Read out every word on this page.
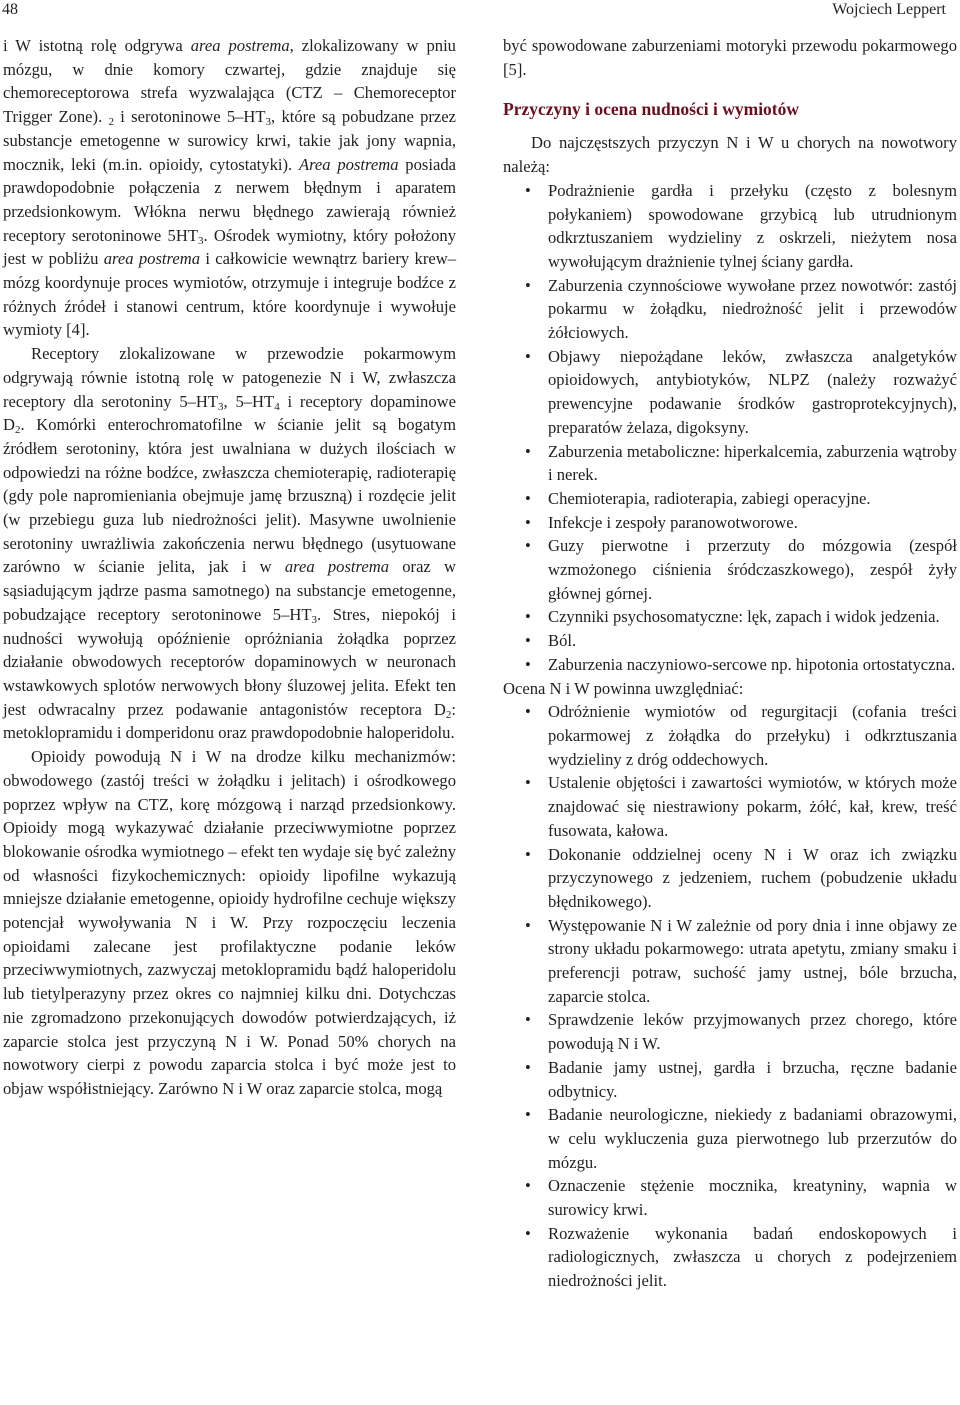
48	Wojciech Leppert

i W istotną rolę odgrywa area postrema, zlokalizowany w pniu mózgu, w dnie komory czwartej, gdzie znajduje się chemoreceptorowa strefa wyzwalająca (CTZ – Chemoreceptor Trigger Zone). $_2$ i serotoninowe $5-HT_3$, które są pobudzane przez substancje emetogenne w surowicy krwi, takie jak jony wapnia, mocznik, leki (m.in. opioidy, cytostatyki). Area postrema posiada prawdopodobnie połączenia z nerwem błędnym i aparatem przedsionkowym. Włókna nerwu błędnego zawierają również receptory serotoninowe $5HT_3$. Ośrodek wymiotny, który położony jest w pobliżu area postrema i całkowicie wewnątrz bariery krew–mózg koordynuje proces wymiotów, otrzymuje i integruje bodźce z różnych źródeł i stanowi centrum, które koordynuje i wywołuje wymioty [4].

Receptory zlokalizowane w przewodzie pokarmowym odgrywają równie istotną rolę w patogenezie N i W, zwłaszcza receptory dla serotoniny $5-HT_3$, $5-HT_4$ i receptory dopaminowe $D_2$. Komórki enterochromatofilne w ścianie jelit są bogatym źródłem serotoniny, która jest uwalniana w dużych ilościach w odpowiedzi na różne bodźce, zwłaszcza chemioterapię, radioterapię (gdy pole napromieniania obejmuje jamę brzuszną) i rozdęcie jelit (w przebiegu guza lub niedrożności jelit). Masywne uwolnienie serotoniny uwrażliwia zakończenia nerwu błędnego (usytuowane zarówno w ścianie jelita, jak i w area postrema oraz w sąsiadującym jądrze pasma samotnego) na substancje emetogenne, pobudzające receptory serotoninowe $5-HT_3$. Stres, niepokój i nudności wywołują opóźnienie opróżniania żołądka poprzez działanie obwodowych receptorów dopaminowych w neuronach wstawkowych splotów nerwowych błony śluzowej jelita. Efekt ten jest odwracalny przez podawanie antagonistów receptora $D_2$: metoklopramidu i domperidonu oraz prawdopodobnie haloperidolu.

Opioidy powodują N i W na drodze kilku mechanizmów: obwodowego (zastój treści w żołądku i jelitach) i ośrodkowego poprzez wpływ na CTZ, korę mózgową i narząd przedsionkowy. Opioidy mogą wykazywać działanie przeciwwymiotne poprzez blokowanie ośrodka wymiotnego – efekt ten wydaje się być zależny od własności fizykochemicznych: opioidy lipofilne wykazują mniejsze działanie emetogenne, opioidy hydrofilne cechuje większy potencjał wywoływania N i W. Przy rozpoczęciu leczenia opioidami zalecane jest profilaktyczne podanie leków przeciwwymiotnych, zazwyczaj metoklopramidu bądź haloperidolu lub tietylperazyny przez okres co najmniej kilku dni. Dotychczas nie zgromadzono przekonujących dowodów potwierdzających, iż zaparcie stolca jest przyczyną N i W. Ponad 50% chorych na nowotwory cierpi z powodu zaparcia stolca i być może jest to objaw współistniejący. Zarówno N i W oraz zaparcie stolca, mogą

być spowodowane zaburzeniami motoryki przewodu pokarmowego [5].

Przyczyny i ocena nudności i wymiotów

Do najczęstszych przyczyn N i W u chorych na nowotwory należą:

• Podrażnienie gardła i przełyku (często z bolesnym połykaniem) spowodowane grzybicą lub utrudnionym odkrztuszaniem wydzieliny z oskrzeli, nieżytem nosa wywołującym drażnienie tylnej ściany gardła.
• Zaburzenia czynnościowe wywołane przez nowotwór: zastój pokarmu w żołądku, niedrożność jelit i przewodów żółciowych.
• Objawy niepożądane leków, zwłaszcza analgetyków opioidowych, antybiotyków, NLPZ (należy rozważyć prewencyjne podawanie środków gastroprotekcyjnych), preparatów żelaza, digoksyny.
• Zaburzenia metaboliczne: hiperkalcemia, zaburzenia wątroby i nerek.
• Chemioterapia, radioterapia, zabiegi operacyjne.
• Infekcje i zespoły paranowotworowe.
• Guzy pierwotne i przerzuty do mózgowia (zespół wzmożonego ciśnienia śródczaszkowego), zespół żyły głównej górnej.
• Czynniki psychosomatyczne: lęk, zapach i widok jedzenia.
• Ból.
• Zaburzenia naczyniowo-sercowe np. hipotonia ortostatyczna.

Ocena N i W powinna uwzględniać:

• Odróżnienie wymiotów od regurgitacji (cofania treści pokarmowej z żołądka do przełyku) i odkrztuszania wydzieliny z dróg oddechowych.
• Ustalenie objętości i zawartości wymiotów, w których może znajdować się niestrawiony pokarm, żółć, kał, krew, treść fusowata, kałowa.
• Dokonanie oddzielnej oceny N i W oraz ich związku przyczynowego z jedzeniem, ruchem (pobudzenie układu błędnikowego).
• Występowanie N i W zależnie od pory dnia i inne objawy ze strony układu pokarmowego: utrata apetytu, zmiany smaku i preferencji potraw, suchość jamy ustnej, bóle brzucha, zaparcie stolca.
• Sprawdzenie leków przyjmowanych przez chorego, które powodują N i W.
• Badanie jamy ustnej, gardła i brzucha, ręczne badanie odbytnicy.
• Badanie neurologiczne, niekiedy z badaniami obrazowymi, w celu wykluczenia guza pierwotnego lub przerzutów do mózgu.
• Oznaczenie stężenie mocznika, kreatyniny, wapnia w surowicy krwi.
• Rozważenie wykonania badań endoskopowych i radiologicznych, zwłaszcza u chorych z podejrzeniem niedrożności jelit.
